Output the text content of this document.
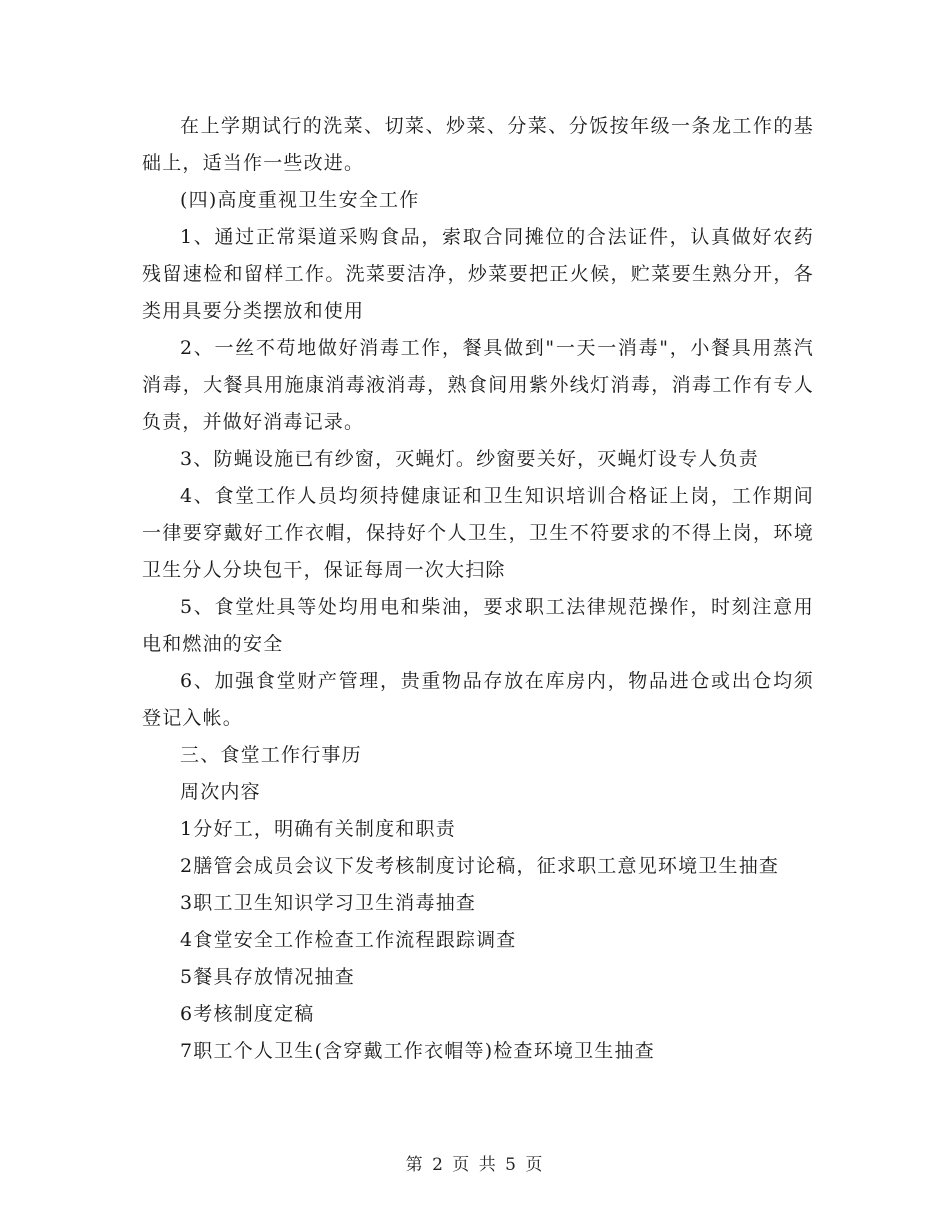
在上学期试行的洗菜、切菜、炒菜、分菜、分饭按年级一条龙工作的基础上，适当作一些改进。

(四)高度重视卫生安全工作

1、通过正常渠道采购食品，索取合同摊位的合法证件，认真做好农药残留速检和留样工作。洗菜要洁净，炒菜要把正火候，贮菜要生熟分开，各类用具要分类摆放和使用

2、一丝不苟地做好消毒工作，餐具做到"一天一消毒"，小餐具用蒸汽消毒，大餐具用施康消毒液消毒，熟食间用紫外线灯消毒，消毒工作有专人负责，并做好消毒记录。

3、防蝇设施已有纱窗，灭蝇灯。纱窗要关好，灭蝇灯设专人负责

4、食堂工作人员均须持健康证和卫生知识培训合格证上岗，工作期间一律要穿戴好工作衣帽，保持好个人卫生，卫生不符要求的不得上岗，环境卫生分人分块包干，保证每周一次大扫除

5、食堂灶具等处均用电和柴油，要求职工法律规范操作，时刻注意用电和燃油的安全

6、加强食堂财产管理，贵重物品存放在库房内，物品进仓或出仓均须登记入帐。

三、食堂工作行事历

周次内容

1分好工，明确有关制度和职责

2膳管会成员会议下发考核制度讨论稿，征求职工意见环境卫生抽查

3职工卫生知识学习卫生消毒抽查

4食堂安全工作检查工作流程跟踪调查

5餐具存放情况抽查

6考核制度定稿

7职工个人卫生(含穿戴工作衣帽等)检查环境卫生抽查

第 2 页 共 5 页
